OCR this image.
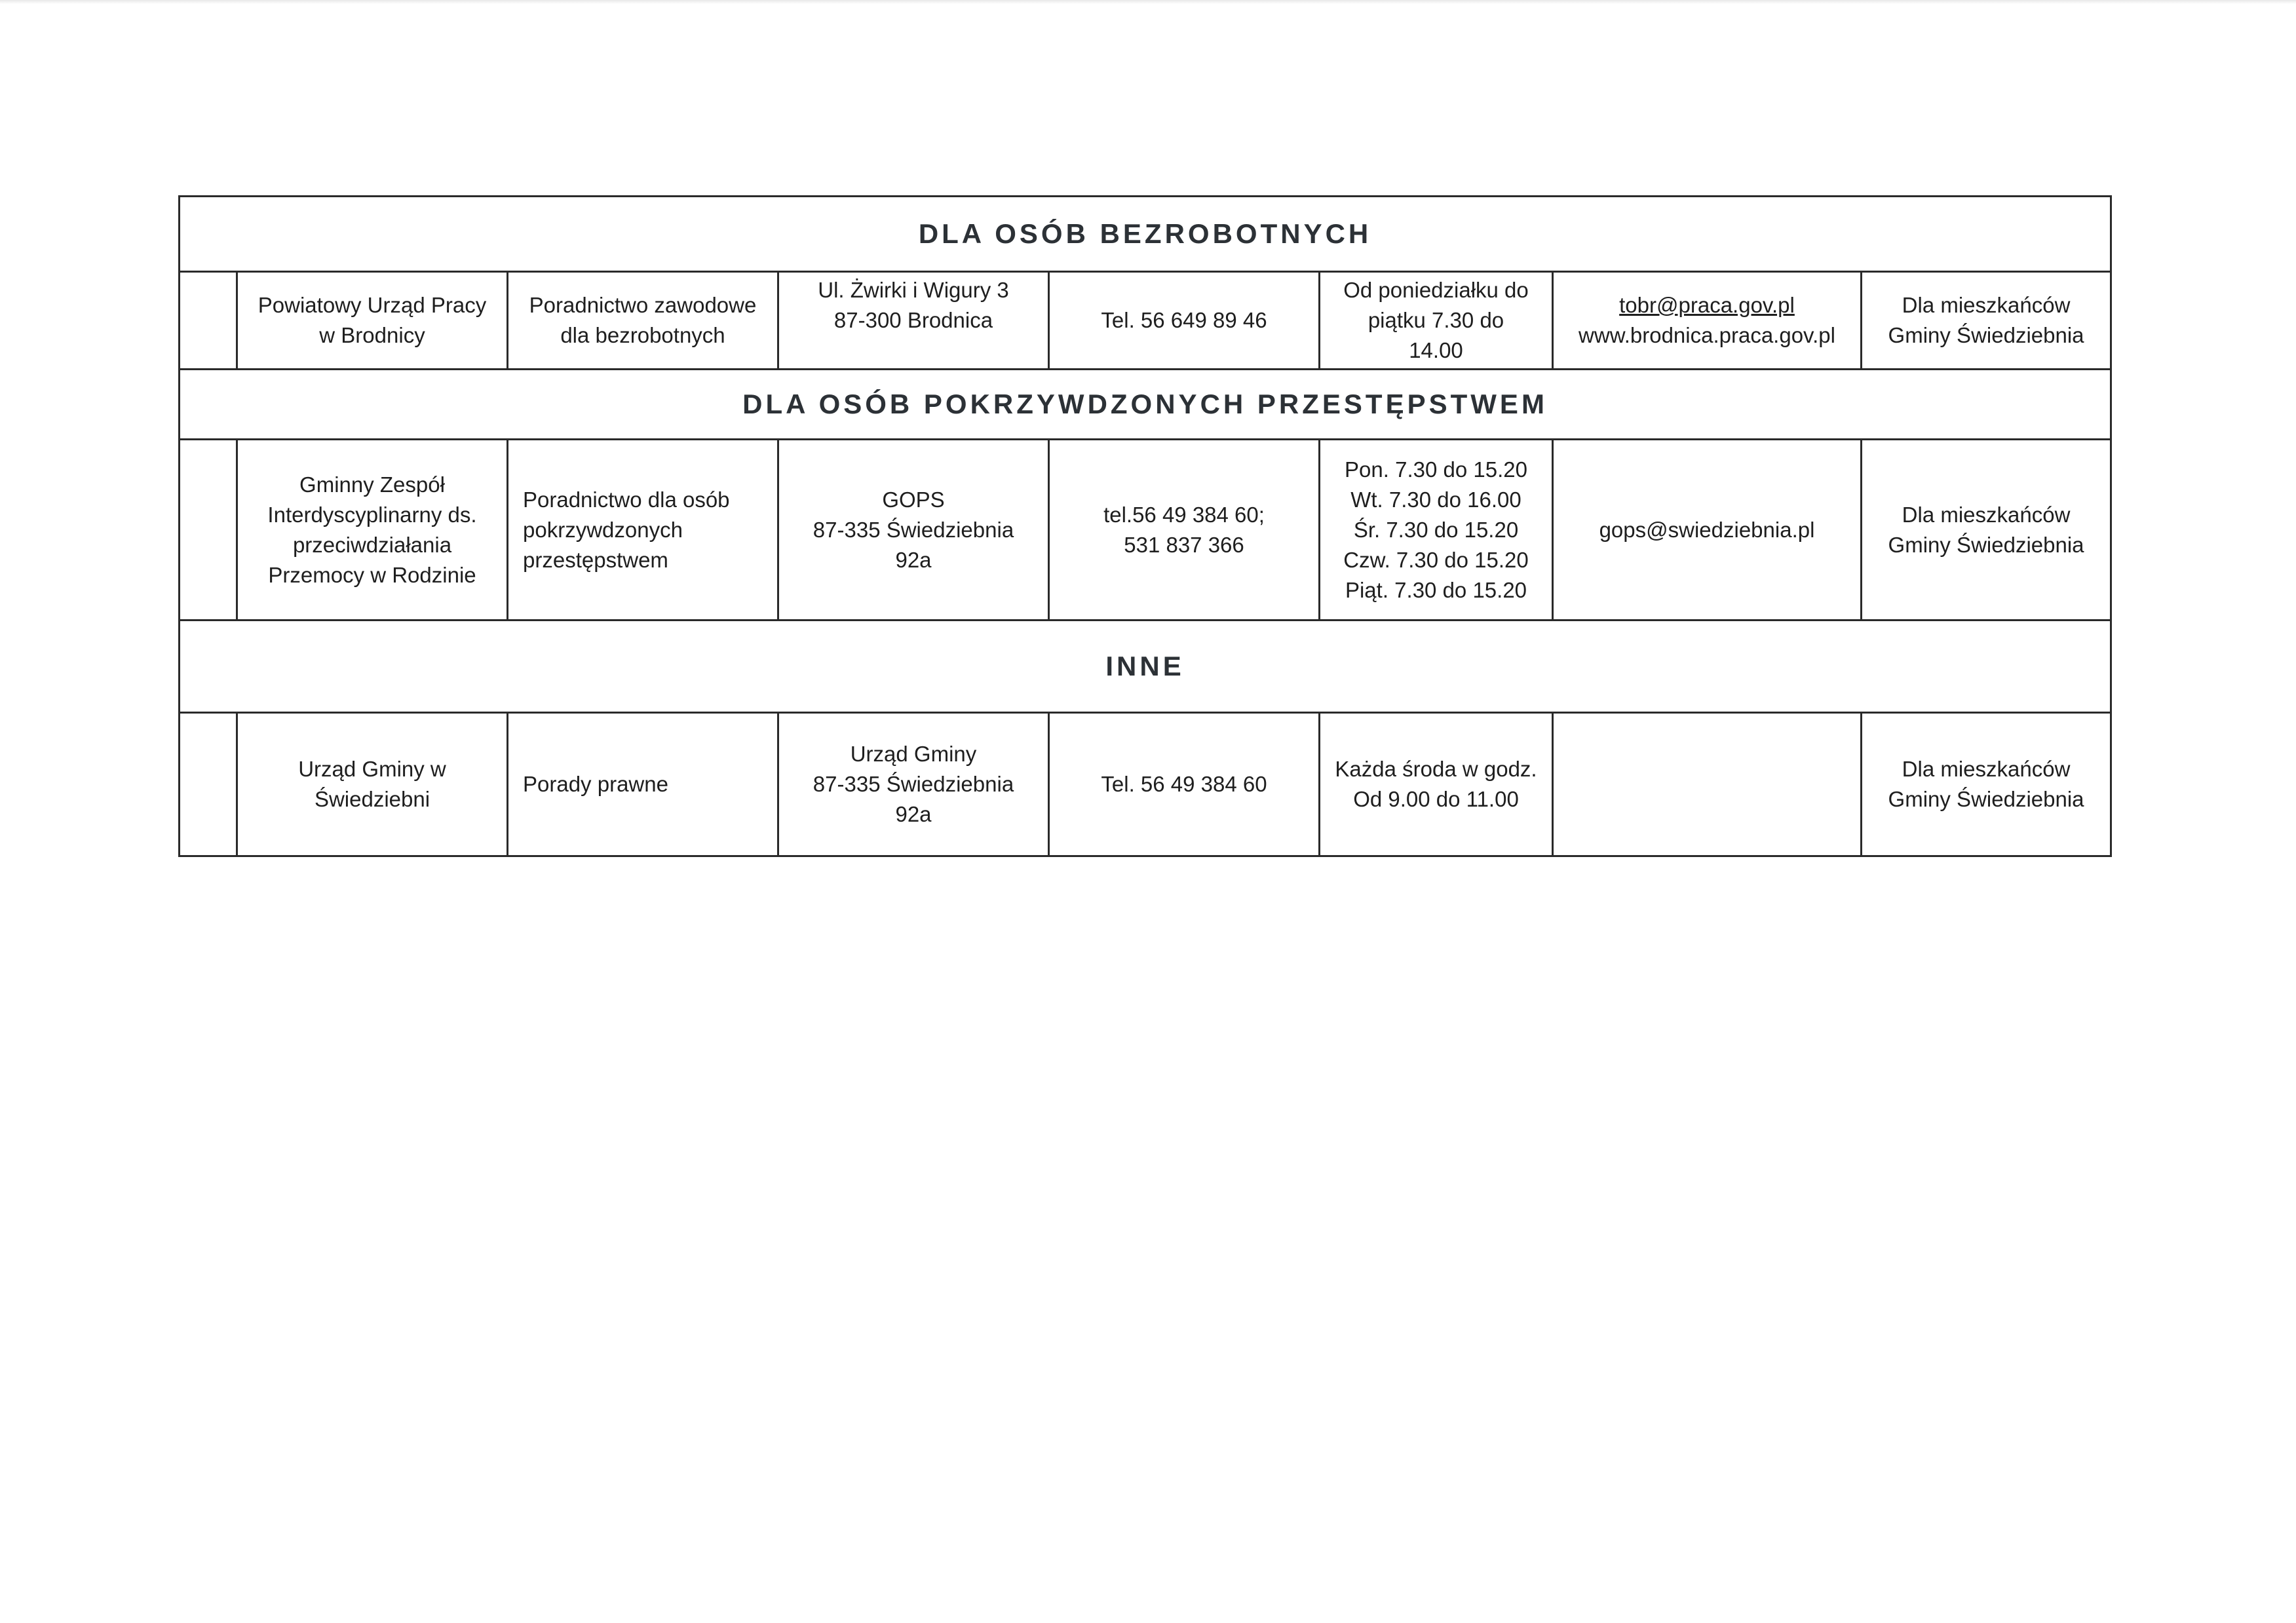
DLA OSÓB BEZROBOTNYCH							

	Powiatowy Urząd Pracy
w Brodnicy	Poradnictwo zawodowe
dla bezrobotnych	Ul. Żwirki i Wigury 3
87-300 Brodnica	Tel. 56 649 89 46	Od poniedziałku do
piątku 7.30 do
14.00	tobr@praca.gov.pl
www.brodnica.praca.gov.pl	Dla mieszkańców
Gminy Świedziebnia

DLA OSÓB POKRZYWDZONYCH PRZESTĘPSTWEM							

	Gminny Zespół
Interdyscyplinarny ds.
przeciwdziałania
Przemocy w Rodzinie	Poradnictwo dla osób
pokrzywdzonych
przestępstwem	GOPS
87-335 Świedziebnia
92a	tel.56 49 384 60;
531 837 366	Pon. 7.30 do 15.20
Wt. 7.30 do 16.00
Śr. 7.30 do 15.20
Czw. 7.30 do 15.20
Piąt. 7.30 do 15.20	gops@swiedziebnia.pl	Dla mieszkańców
Gminy Świedziebnia

INNE							

	Urząd Gminy w
Świedziebni	Porady prawne	Urząd Gminy
87-335 Świedziebnia
92a	Tel. 56 49 384 60	Każda środa w godz.
Od 9.00 do 11.00		Dla mieszkańców
Gminy Świedziebnia
